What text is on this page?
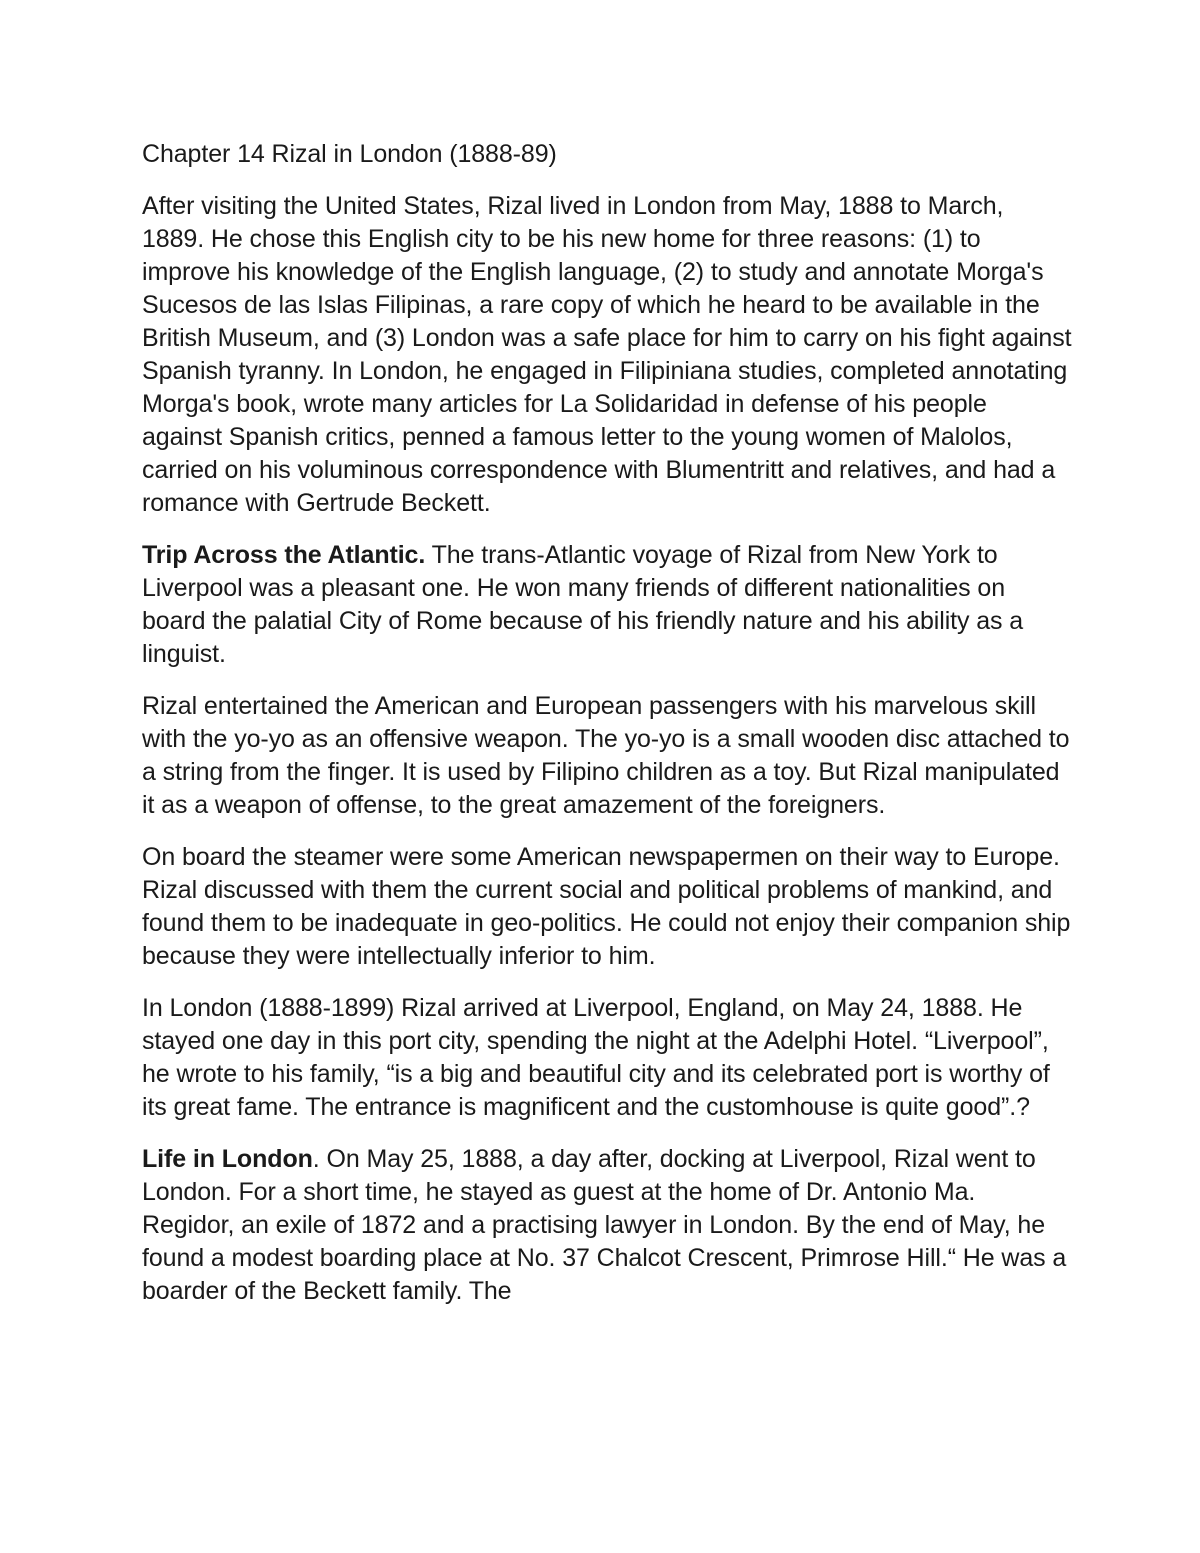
Chapter 14 Rizal in London (1888-89)

After visiting the United States, Rizal lived in London from May, 1888 to March, 1889. He chose this English city to be his new home for three reasons: (1) to improve his knowledge of the English language, (2) to study and annotate Morga's Sucesos de las Islas Filipinas, a rare copy of which he heard to be available in the British Museum, and (3) London was a safe place for him to carry on his fight against Spanish tyranny. In London, he engaged in Filipiniana studies, completed annotating Morga's book, wrote many articles for La Solidaridad in defense of his people against Spanish critics, penned a famous letter to the young women of Malolos, carried on his voluminous correspondence with Blumentritt and relatives, and had a romance with Gertrude Beckett.

Trip Across the Atlantic. The trans-Atlantic voyage of Rizal from New York to Liverpool was a pleasant one. He won many friends of different nationalities on board the palatial City of Rome because of his friendly nature and his ability as a linguist.

Rizal entertained the American and European passengers with his marvelous skill with the yo-yo as an offensive weapon. The yo-yo is a small wooden disc attached to a string from the finger. It is used by Filipino children as a toy. But Rizal manipulated it as a weapon of offense, to the great amazement of the foreigners.

On board the steamer were some American newspapermen on their way to Europe. Rizal discussed with them the current social and political problems of mankind, and found them to be inadequate in geo-politics. He could not enjoy their companion ship because they were intellectually inferior to him.

In London (1888-1899) Rizal arrived at Liverpool, England, on May 24, 1888. He stayed one day in this port city, spending the night at the Adelphi Hotel. “Liverpool”, he wrote to his family, “is a big and beautiful city and its celebrated port is worthy of its great fame. The entrance is magnificent and the customhouse is quite good”.?

Life in London. On May 25, 1888, a day after, docking at Liverpool, Rizal went to London. For a short time, he stayed as guest at the home of Dr. Antonio Ma. Regidor, an exile of 1872 and a practising lawyer in London. By the end of May, he found a modest boarding place at No. 37 Chalcot Crescent, Primrose Hill.“ He was a boarder of the Beckett family. The
